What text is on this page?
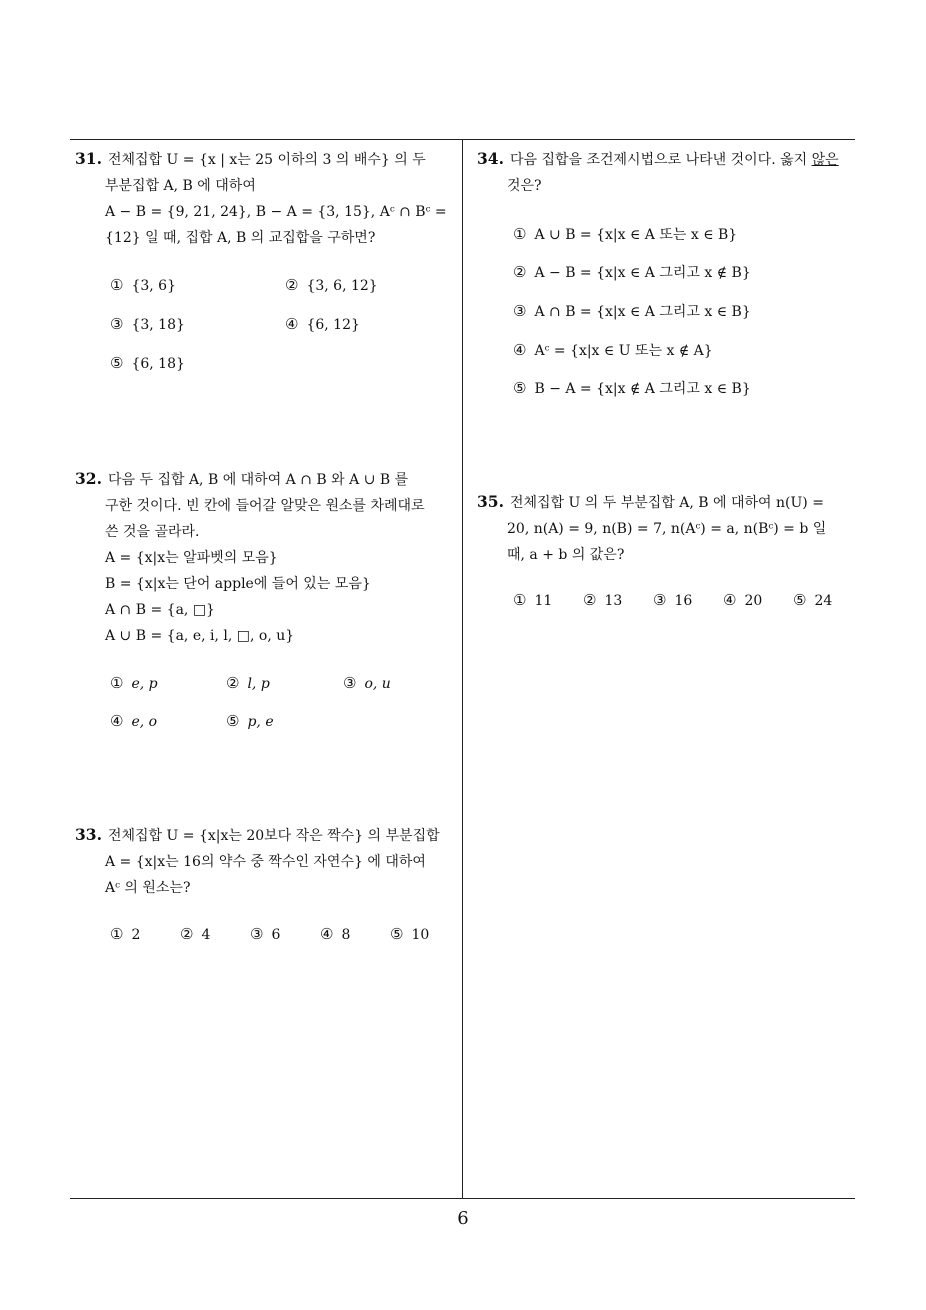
31. 전체집합 U = {x | x는 25 이하의 3 의 배수} 의 두
부분집합 A, B 에 대하여
A − B = {9, 21, 24}, B − A = {3, 15}, Aᶜ ∩ Bᶜ =
{12} 일 때, 집합 A, B 의 교집합을 구하면?
① {3, 6}	② {3, 6, 12}
③ {3, 18}	④ {6, 12}
⑤ {6, 18}
32. 다음 두 집합 A, B 에 대하여 A ∩ B 와 A ∪ B 를
구한 것이다. 빈 칸에 들어갈 알맞은 원소를 차례대로
쓴 것을 골라라.
A = {x|x는 알파벳의 모음}
B = {x|x는 단어 apple에 들어 있는 모음}
A ∩ B = {a, □}
A ∪ B = {a, e, i, l, □, o, u}
① e, p	② l, p	③ o, u
④ e, o	⑤ p, e
33. 전체집합 U = {x|x는 20보다 작은 짝수} 의 부분집합
A = {x|x는 16의 약수 중 짝수인 자연수} 에 대하여
Aᶜ 의 원소는?
① 2	② 4	③ 6	④ 8	⑤ 10
34. 다음 집합을 조건제시법으로 나타낸 것이다. 옳지 않은
것은?
① A ∪ B = {x|x ∈ A 또는 x ∈ B}
② A − B = {x|x ∈ A 그리고 x ∉ B}
③ A ∩ B = {x|x ∈ A 그리고 x ∈ B}
④ Aᶜ = {x|x ∈ U 또는 x ∉ A}
⑤ B − A = {x|x ∉ A 그리고 x ∈ B}
35. 전체집합 U 의 두 부분집합 A, B 에 대하여 n(U) =
20, n(A) = 9, n(B) = 7, n(Aᶜ) = a, n(Bᶜ) = b 일
때, a + b 의 값은?
① 11 ② 13 ③ 16 ④ 20 ⑤ 24
6
